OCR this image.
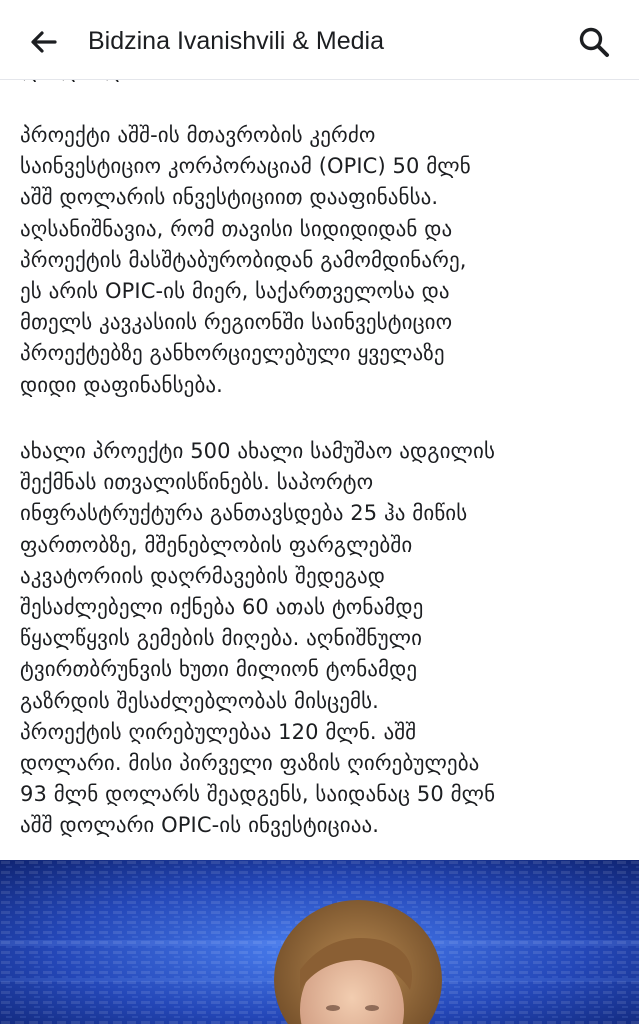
პროექტი აშშ-ის მთავრობის კერძო
საინვესტიციო კორპორაციამ (OPIC) 50 მლნ
აშშ დოლარის ინვესტიციით დააფინანსა.
აღსანიშნავია, რომ თავისი სიდიდიდან და
პროექტის მასშტაბურობიდან გამომდინარე,
ეს არის OPIC-ის მიერ, საქართველოსა და
მთელს კავკასიის რეგიონში საინვესტიციო
პროექტებზე განხორციელებული ყველაზე
დიდი დაფინანსება.

ახალი პროექტი 500 ახალი სამუშაო ადგილის
შექმნას ითვალისწინებს. საპორტო
ინფრასტრუქტურა განთავსდება 25 ჰა მიწის
ფართობზე, მშენებლობის ფარგლებში
აკვატორიის დაღრმავების შედეგად
შესაძლებელი იქნება 60 ათას ტონამდე
წყალწყვის გემების მიღება. აღნიშნული
ტვირთბრუნვის ხუთი მილიონ ტონამდე
გაზრდის შესაძლებლობას მისცემს.
პროექტის ღირებულებაა 120 მლნ. აშშ
დოლარი. მისი პირველი ფაზის ღირებულება
93 მლნ დოლარს შეადგენს, საიდანაც 50 მლნ
აშშ დოლარი OPIC-ის ინვესტიციაა.

Bidzina Ivanishvili & Media
